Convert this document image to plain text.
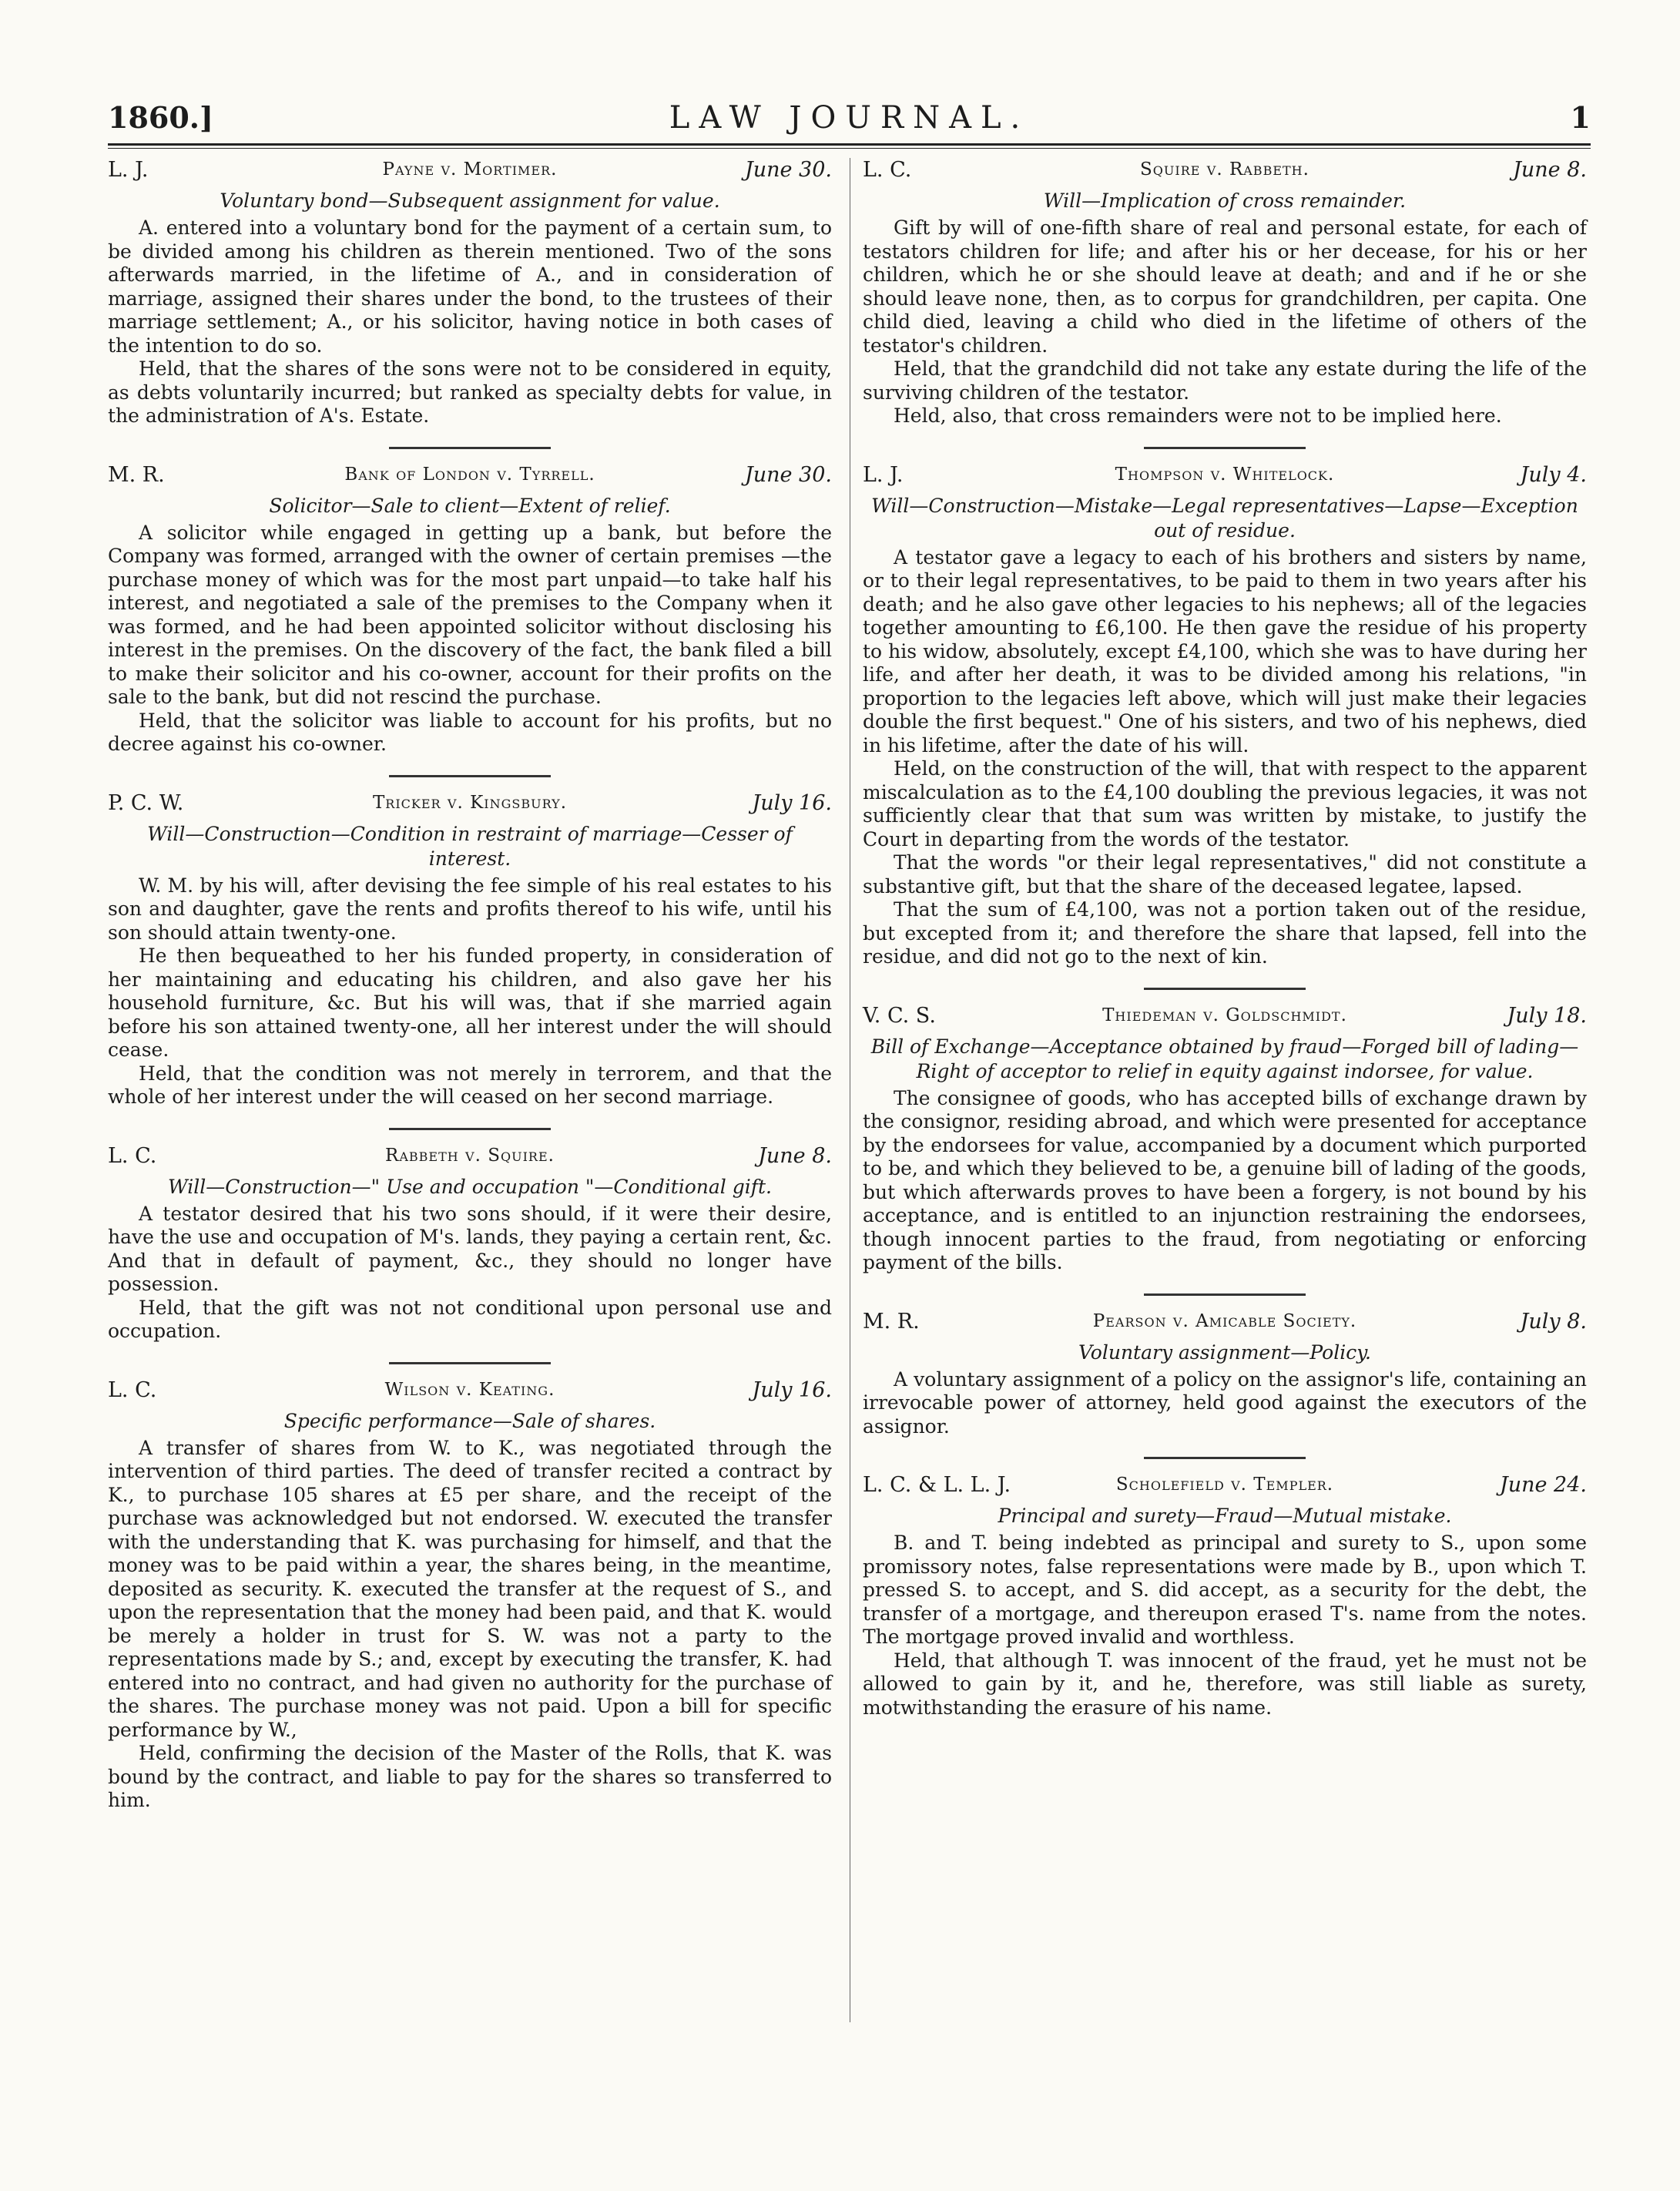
1860.]	LAW JOURNAL.	1
L. J.	Payne v. Mortimer.	June 30.
Voluntary bond—Subsequent assignment for value.

A. entered into a voluntary bond for the payment of a certain sum, to be divided among his children as therein mentioned. Two of the sons afterwards married, in the lifetime of A., and in consideration of marriage, assigned their shares under the bond, to the trustees of their marriage settlement; A., or his solicitor, having notice in both cases of the intention to do so.

Held, that the shares of the sons were not to be considered in equity, as debts voluntarily incurred; but ranked as specialty debts for value, in the administration of A's. Estate.

M. R.	Bank of London v. Tyrrell.	June 30.
Solicitor—Sale to client—Extent of relief.

A solicitor while engaged in getting up a bank, but before the Company was formed, arranged with the owner of certain premises —the purchase money of which was for the most part unpaid—to take half his interest, and negotiated a sale of the premises to the Company when it was formed, and he had been appointed solicitor without disclosing his interest in the premises. On the discovery of the fact, the bank filed a bill to make their solicitor and his co-owner, account for their profits on the sale to the bank, but did not rescind the purchase.

Held, that the solicitor was liable to account for his profits, but no decree against his co-owner.

P. C. W.	Tricker v. Kingsbury.	July 16.
Will—Construction—Condition in restraint of marriage—Cesser of interest.

W. M. by his will, after devising the fee simple of his real estates to his son and daughter, gave the rents and profits thereof to his wife, until his son should attain twenty-one.

He then bequeathed to her his funded property, in consideration of her maintaining and educating his children, and also gave her his household furniture, &c. But his will was, that if she married again before his son attained twenty-one, all her interest under the will should cease.

Held, that the condition was not merely in terrorem, and that the whole of her interest under the will ceased on her second marriage.

L. C.	Rabbeth v. Squire.	June 8.
Will—Construction—" Use and occupation "—Conditional gift.

A testator desired that his two sons should, if it were their desire, have the use and occupation of M's. lands, they paying a certain rent, &c. And that in default of payment, &c., they should no longer have possession.

Held, that the gift was not not conditional upon personal use and occupation.

L. C.	Wilson v. Keating.	July 16.
Specific performance—Sale of shares.

A transfer of shares from W. to K., was negotiated through the intervention of third parties. The deed of transfer recited a contract by K., to purchase 105 shares at £5 per share, and the receipt of the purchase was acknowledged but not endorsed. W. executed the transfer with the understanding that K. was purchasing for himself, and that the money was to be paid within a year, the shares being, in the meantime, deposited as security. K. executed the transfer at the request of S., and upon the representation that the money had been paid, and that K. would be merely a holder in trust for S. W. was not a party to the representations made by S.; and, except by executing the transfer, K. had entered into no contract, and had given no authority for the purchase of the shares. The purchase money was not paid. Upon a bill for specific performance by W.,

Held, confirming the decision of the Master of the Rolls, that K. was bound by the contract, and liable to pay for the shares so transferred to him.

L. C.	Squire v. Rabbeth.	June 8.
Will—Implication of cross remainder.

Gift by will of one-fifth share of real and personal estate, for each of testators children for life; and after his or her decease, for his or her children, which he or she should leave at death; and and if he or she should leave none, then, as to corpus for grandchildren, per capita. One child died, leaving a child who died in the lifetime of others of the testator's children.

Held, that the grandchild did not take any estate during the life of the surviving children of the testator.

Held, also, that cross remainders were not to be implied here.

L. J.	Thompson v. Whitelock.	July 4.
Will—Construction—Mistake—Legal representatives—Lapse—Exception out of residue.

A testator gave a legacy to each of his brothers and sisters by name, or to their legal representatives, to be paid to them in two years after his death; and he also gave other legacies to his nephews; all of the legacies together amounting to £6,100. He then gave the residue of his property to his widow, absolutely, except £4,100, which she was to have during her life, and after her death, it was to be divided among his relations, "in proportion to the legacies left above, which will just make their legacies double the first bequest." One of his sisters, and two of his nephews, died in his lifetime, after the date of his will.

Held, on the construction of the will, that with respect to the apparent miscalculation as to the £4,100 doubling the previous legacies, it was not sufficiently clear that that sum was written by mistake, to justify the Court in departing from the words of the testator.

That the words "or their legal representatives," did not constitute a substantive gift, but that the share of the deceased legatee, lapsed.

That the sum of £4,100, was not a portion taken out of the residue, but excepted from it; and therefore the share that lapsed, fell into the residue, and did not go to the next of kin.

V. C. S.	Thiedeman v. Goldschmidt.	July 18.
Bill of Exchange—Acceptance obtained by fraud—Forged bill of lading—Right of acceptor to relief in equity against indorsee, for value.

The consignee of goods, who has accepted bills of exchange drawn by the consignor, residing abroad, and which were presented for acceptance by the endorsees for value, accompanied by a document which purported to be, and which they believed to be, a genuine bill of lading of the goods, but which afterwards proves to have been a forgery, is not bound by his acceptance, and is entitled to an injunction restraining the endorsees, though innocent parties to the fraud, from negotiating or enforcing payment of the bills.

M. R.	Pearson v. Amicable Society.	July 8.
Voluntary assignment—Policy.

A voluntary assignment of a policy on the assignor's life, containing an irrevocable power of attorney, held good against the executors of the assignor.

L. C. & L. L. J.	Scholefield v. Templer.	June 24.
Principal and surety—Fraud—Mutual mistake.

B. and T. being indebted as principal and surety to S., upon some promissory notes, false representations were made by B., upon which T. pressed S. to accept, and S. did accept, as a security for the debt, the transfer of a mortgage, and thereupon erased T's. name from the notes. The mortgage proved invalid and worthless.

Held, that although T. was innocent of the fraud, yet he must not be allowed to gain by it, and he, therefore, was still liable as surety, motwithstanding the erasure of his name.
